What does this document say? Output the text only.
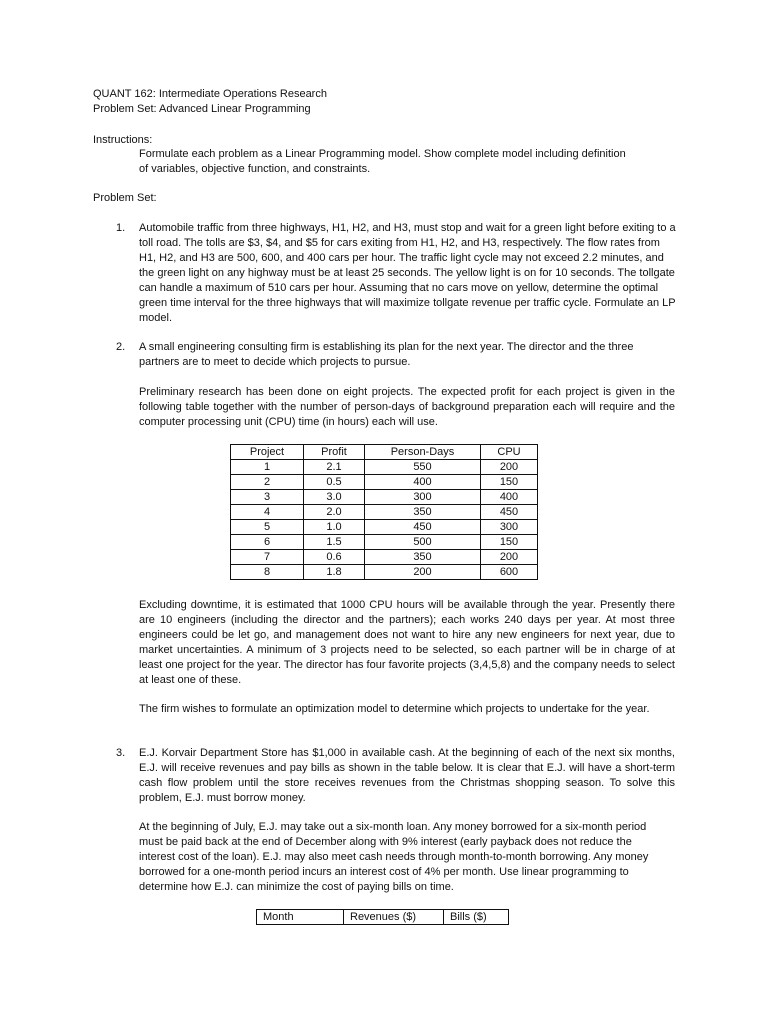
QUANT 162: Intermediate Operations Research
Problem Set: Advanced Linear Programming
Instructions:
Formulate each problem as a Linear Programming model. Show complete model including definition
of variables, objective function, and constraints.
Problem Set:
1. Automobile traffic from three highways, H1, H2, and H3, must stop and wait for a green light before exiting to a toll road. The tolls are $3, $4, and $5 for cars exiting from H1, H2, and H3, respectively. The flow rates from H1, H2, and H3 are 500, 600, and 400 cars per hour. The traffic light cycle may not exceed 2.2 minutes, and the green light on any highway must be at least 25 seconds. The yellow light is on for 10 seconds. The tollgate can handle a maximum of 510 cars per hour. Assuming that no cars move on yellow, determine the optimal green time interval for the three highways that will maximize tollgate revenue per traffic cycle. Formulate an LP model.

2. A small engineering consulting firm is establishing its plan for the next year. The director and the three partners are to meet to decide which projects to pursue.

Preliminary research has been done on eight projects. The expected profit for each project is given in the following table together with the number of person-days of background preparation each will require and the computer processing unit (CPU) time (in hours) each will use.

Project	Profit	Person-Days	CPU
1	2.1	550	200
2	0.5	400	150
3	3.0	300	400
4	2.0	350	450
5	1.0	450	300
6	1.5	500	150
7	0.6	350	200
8	1.8	200	600

Excluding downtime, it is estimated that 1000 CPU hours will be available through the year. Presently there are 10 engineers (including the director and the partners); each works 240 days per year. At most three engineers could be let go, and management does not want to hire any new engineers for next year, due to market uncertainties. A minimum of 3 projects need to be selected, so each partner will be in charge of at least one project for the year. The director has four favorite projects (3,4,5,8) and the company needs to select at least one of these.

The firm wishes to formulate an optimization model to determine which projects to undertake for the year.

3. E.J. Korvair Department Store has $1,000 in available cash. At the beginning of each of the next six months, E.J. will receive revenues and pay bills as shown in the table below. It is clear that E.J. will have a short-term cash flow problem until the store receives revenues from the Christmas shopping season. To solve this problem, E.J. must borrow money.

At the beginning of July, E.J. may take out a six-month loan. Any money borrowed for a six-month period must be paid back at the end of December along with 9% interest (early payback does not reduce the interest cost of the loan). E.J. may also meet cash needs through month-to-month borrowing. Any money borrowed for a one-month period incurs an interest cost of 4% per month. Use linear programming to determine how E.J. can minimize the cost of paying bills on time.

Month	Revenues ($)	Bills ($)
